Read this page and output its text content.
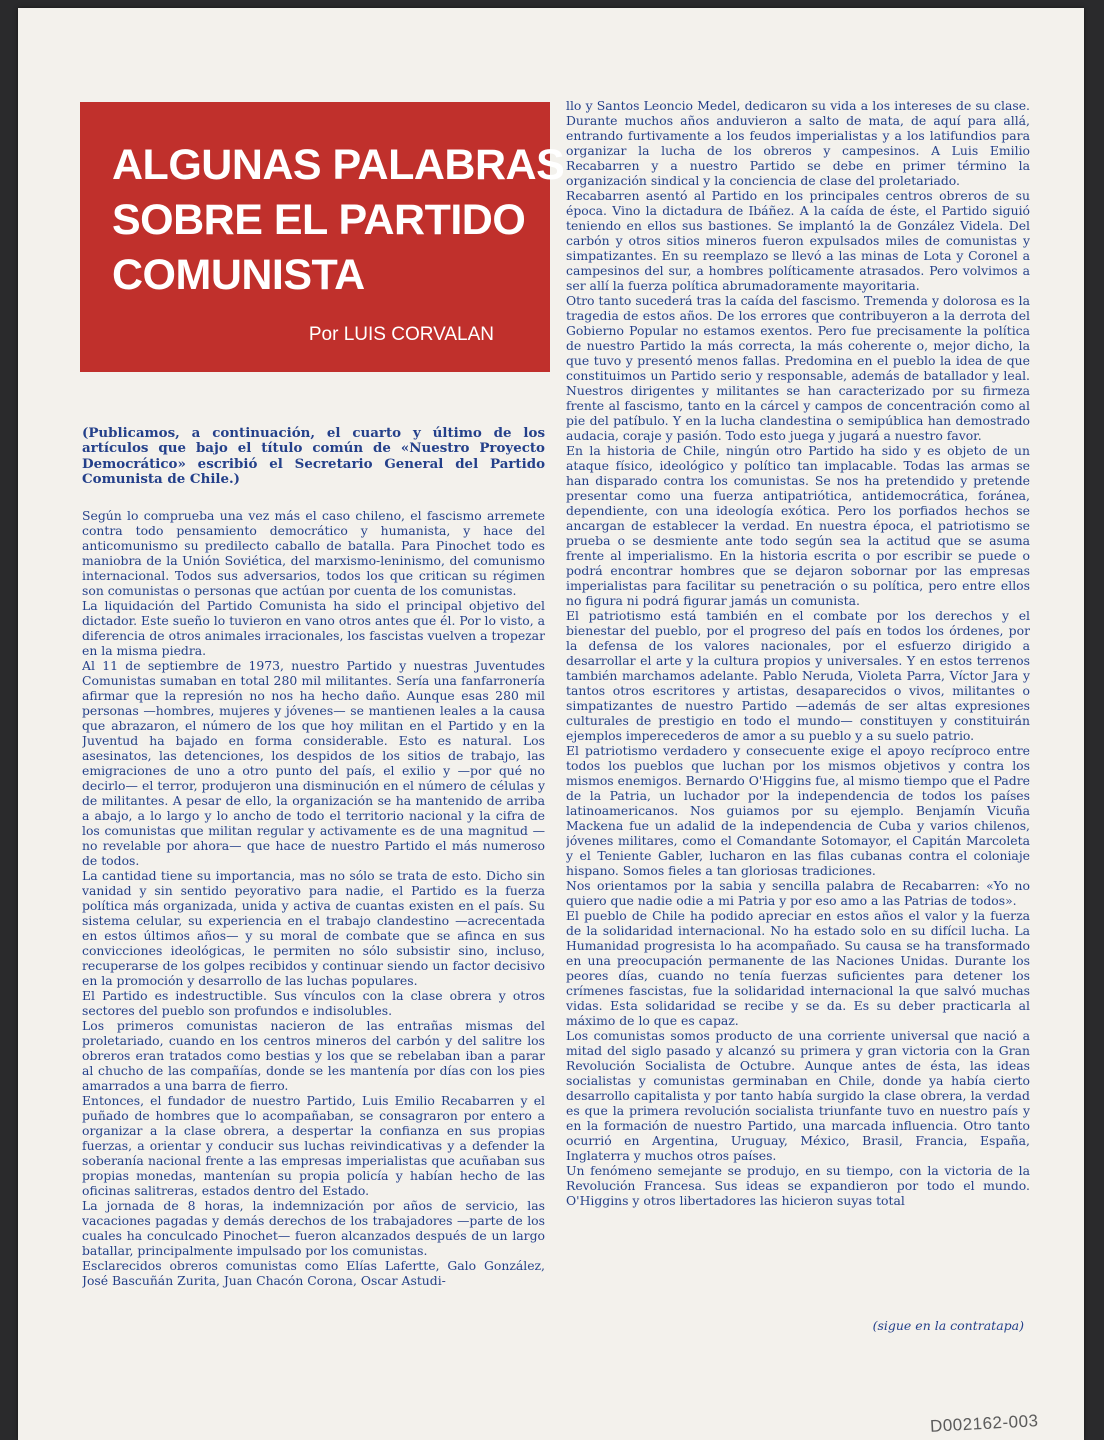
ALGUNAS PALABRAS
SOBRE EL PARTIDO
COMUNISTA
Por LUIS CORVALAN

(Publicamos, a continuación, el cuarto y último de los artículos que bajo el título común de «Nuestro Proyecto Democrático» escribió el Secretario General del Partido Comunista de Chile.)

Según lo comprueba una vez más el caso chileno, el fascismo arremete contra todo pensamiento democrático y humanista, y hace del anticomunismo su predilecto caballo de batalla. Para Pinochet todo es maniobra de la Unión Soviética, del marxismo-leninismo, del comunismo internacional. Todos sus adversarios, todos los que critican su régimen son comunistas o personas que actúan por cuenta de los comunistas.

La liquidación del Partido Comunista ha sido el principal objetivo del dictador. Este sueño lo tuvieron en vano otros antes que él. Por lo visto, a diferencia de otros animales irracionales, los fascistas vuelven a tropezar en la misma piedra.

Al 11 de septiembre de 1973, nuestro Partido y nuestras Juventudes Comunistas sumaban en total 280 mil militantes. Sería una fanfarronería afirmar que la represión no nos ha hecho daño. Aunque esas 280 mil personas —hombres, mujeres y jóvenes— se mantienen leales a la causa que abrazaron, el número de los que hoy militan en el Partido y en la Juventud ha bajado en forma considerable. Esto es natural. Los asesinatos, las detenciones, los despidos de los sitios de trabajo, las emigraciones de uno a otro punto del país, el exilio y —por qué no decirlo— el terror, produjeron una disminución en el número de células y de militantes. A pesar de ello, la organización se ha mantenido de arriba a abajo, a lo largo y lo ancho de todo el territorio nacional y la cifra de los comunistas que militan regular y activamente es de una magnitud —no revelable por ahora— que hace de nuestro Partido el más numeroso de todos.

La cantidad tiene su importancia, mas no sólo se trata de esto. Dicho sin vanidad y sin sentido peyorativo para nadie, el Partido es la fuerza política más organizada, unida y activa de cuantas existen en el país. Su sistema celular, su experiencia en el trabajo clandestino —acrecentada en estos últimos años— y su moral de combate que se afinca en sus convicciones ideológicas, le permiten no sólo subsistir sino, incluso, recuperarse de los golpes recibidos y continuar siendo un factor decisivo en la promoción y desarrollo de las luchas populares.

El Partido es indestructible. Sus vínculos con la clase obrera y otros sectores del pueblo son profundos e indisolubles.

Los primeros comunistas nacieron de las entrañas mismas del proletariado, cuando en los centros mineros del carbón y del salitre los obreros eran tratados como bestias y los que se rebelaban iban a parar al chucho de las compañías, donde se les mantenía por días con los pies amarrados a una barra de fierro.

Entonces, el fundador de nuestro Partido, Luis Emilio Recabarren y el puñado de hombres que lo acompañaban, se consagraron por entero a organizar a la clase obrera, a despertar la confianza en sus propias fuerzas, a orientar y conducir sus luchas reivindicativas y a defender la soberanía nacional frente a las empresas imperialistas que acuñaban sus propias monedas, mantenían su propia policía y habían hecho de las oficinas salitreras, estados dentro del Estado.

La jornada de 8 horas, la indemnización por años de servicio, las vacaciones pagadas y demás derechos de los trabajadores —parte de los cuales ha conculcado Pinochet— fueron alcanzados después de un largo batallar, principalmente impulsado por los comunistas.

Esclarecidos obreros comunistas como Elías Lafertte, Galo González, José Bascuñán Zurita, Juan Chacón Corona, Oscar Astudi-

llo y Santos Leoncio Medel, dedicaron su vida a los intereses de su clase. Durante muchos años anduvieron a salto de mata, de aquí para allá, entrando furtivamente a los feudos imperialistas y a los latifundios para organizar la lucha de los obreros y campesinos. A Luis Emilio Recabarren y a nuestro Partido se debe en primer término la organización sindical y la conciencia de clase del proletariado.

Recabarren asentó al Partido en los principales centros obreros de su época. Vino la dictadura de Ibáñez. A la caída de éste, el Partido siguió teniendo en ellos sus bastiones. Se implantó la de González Videla. Del carbón y otros sitios mineros fueron expulsados miles de comunistas y simpatizantes. En su reemplazo se llevó a las minas de Lota y Coronel a campesinos del sur, a hombres políticamente atrasados. Pero volvimos a ser allí la fuerza política abrumadoramente mayoritaria.

Otro tanto sucederá tras la caída del fascismo. Tremenda y dolorosa es la tragedia de estos años. De los errores que contribuyeron a la derrota del Gobierno Popular no estamos exentos. Pero fue precisamente la política de nuestro Partido la más correcta, la más coherente o, mejor dicho, la que tuvo y presentó menos fallas. Predomina en el pueblo la idea de que constituimos un Partido serio y responsable, además de batallador y leal. Nuestros dirigentes y militantes se han caracterizado por su firmeza frente al fascismo, tanto en la cárcel y campos de concentración como al pie del patíbulo. Y en la lucha clandestina o semipública han demostrado audacia, coraje y pasión. Todo esto juega y jugará a nuestro favor.

En la historia de Chile, ningún otro Partido ha sido y es objeto de un ataque físico, ideológico y político tan implacable. Todas las armas se han disparado contra los comunistas. Se nos ha pretendido y pretende presentar como una fuerza antipatriótica, antidemocrática, foránea, dependiente, con una ideología exótica. Pero los porfiados hechos se ancargan de establecer la verdad. En nuestra época, el patriotismo se prueba o se desmiente ante todo según sea la actitud que se asuma frente al imperialismo. En la historia escrita o por escribir se puede o podrá encontrar hombres que se dejaron sobornar por las empresas imperialistas para facilitar su penetración o su política, pero entre ellos no figura ni podrá figurar jamás un comunista.

El patriotismo está también en el combate por los derechos y el bienestar del pueblo, por el progreso del país en todos los órdenes, por la defensa de los valores nacionales, por el esfuerzo dirigido a desarrollar el arte y la cultura propios y universales. Y en estos terrenos también marchamos adelante. Pablo Neruda, Violeta Parra, Víctor Jara y tantos otros escritores y artistas, desaparecidos o vivos, militantes o simpatizantes de nuestro Partido —además de ser altas expresiones culturales de prestigio en todo el mundo— constituyen y constituirán ejemplos imperecederos de amor a su pueblo y a su suelo patrio.

El patriotismo verdadero y consecuente exige el apoyo recíproco entre todos los pueblos que luchan por los mismos objetivos y contra los mismos enemigos. Bernardo O'Higgins fue, al mismo tiempo que el Padre de la Patria, un luchador por la independencia de todos los países latinoamericanos. Nos guiamos por su ejemplo. Benjamín Vicuña Mackena fue un adalid de la independencia de Cuba y varios chilenos, jóvenes militares, como el Comandante Sotomayor, el Capitán Marcoleta y el Teniente Gabler, lucharon en las filas cubanas contra el coloniaje hispano. Somos fieles a tan gloriosas tradiciones.

Nos orientamos por la sabia y sencilla palabra de Recabarren: «Yo no quiero que nadie odie a mi Patria y por eso amo a las Patrias de todos».

El pueblo de Chile ha podido apreciar en estos años el valor y la fuerza de la solidaridad internacional. No ha estado solo en su difícil lucha. La Humanidad progresista lo ha acompañado. Su causa se ha transformado en una preocupación permanente de las Naciones Unidas. Durante los peores días, cuando no tenía fuerzas suficientes para detener los crímenes fascistas, fue la solidaridad internacional la que salvó muchas vidas. Esta solidaridad se recibe y se da. Es su deber practicarla al máximo de lo que es capaz.

Los comunistas somos producto de una corriente universal que nació a mitad del siglo pasado y alcanzó su primera y gran victoria con la Gran Revolución Socialista de Octubre. Aunque antes de ésta, las ideas socialistas y comunistas germinaban en Chile, donde ya había cierto desarrollo capitalista y por tanto había surgido la clase obrera, la verdad es que la primera revolución socialista triunfante tuvo en nuestro país y en la formación de nuestro Partido, una marcada influencia. Otro tanto ocurrió en Argentina, Uruguay, México, Brasil, Francia, España, Inglaterra y muchos otros países.

Un fenómeno semejante se produjo, en su tiempo, con la victoria de la Revolución Francesa. Sus ideas se expandieron por todo el mundo. O'Higgins y otros libertadores las hicieron suyas total

(sigue en la contratapa)
D002162-003
